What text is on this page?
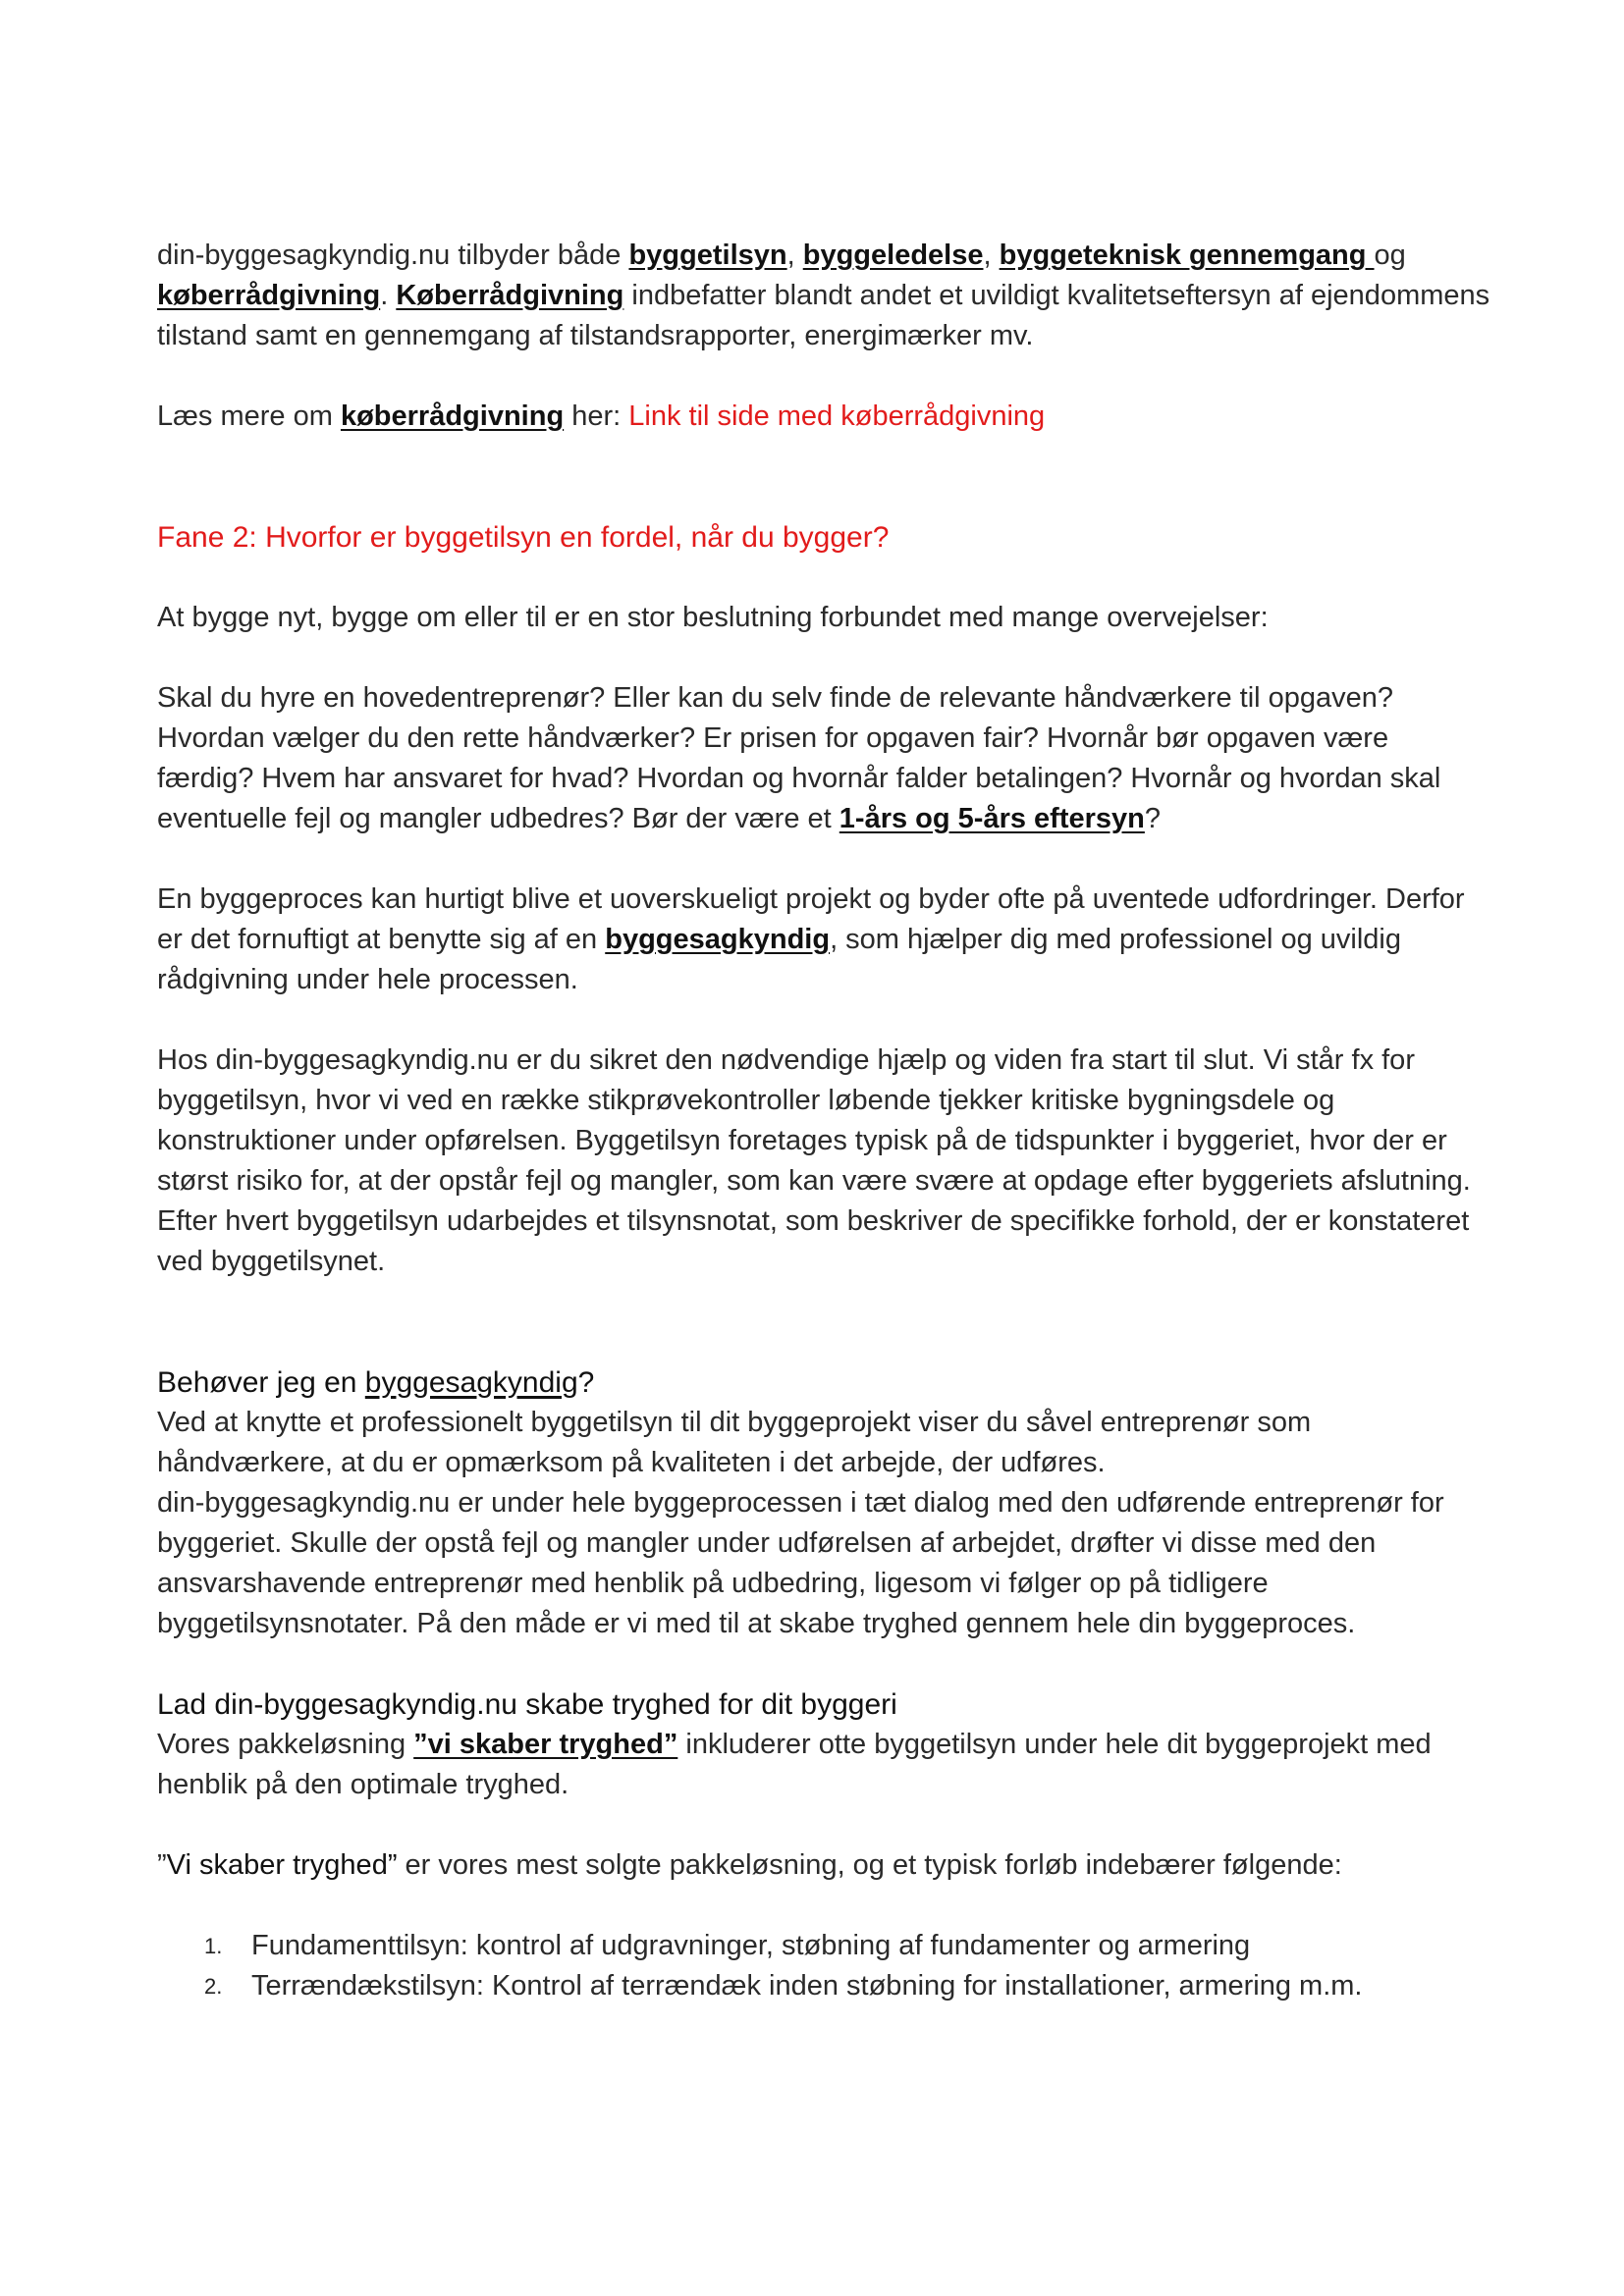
din-byggesagkyndig.nu tilbyder både byggetilsyn, byggeledelse, byggeteknisk gennemgang og køberrådgivning. Køberrådgivning indbefatter blandt andet et uvildigt kvalitetseftersyn af ejendommens tilstand samt en gennemgang af tilstandsrapporter, energimærker mv.

Læs mere om køberrådgivning her: Link til side med køberrådgivning

Fane 2: Hvorfor er byggetilsyn en fordel, når du bygger?

At bygge nyt, bygge om eller til er en stor beslutning forbundet med mange overvejelser:

Skal du hyre en hovedentreprenør? Eller kan du selv finde de relevante håndværkere til opgaven? Hvordan vælger du den rette håndværker? Er prisen for opgaven fair? Hvornår bør opgaven være færdig? Hvem har ansvaret for hvad? Hvordan og hvornår falder betalingen? Hvornår og hvordan skal eventuelle fejl og mangler udbedres? Bør der være et 1-års og 5-års eftersyn?

En byggeproces kan hurtigt blive et uoverskueligt projekt og byder ofte på uventede udfordringer. Derfor er det fornuftigt at benytte sig af en byggesagkyndig, som hjælper dig med professionel og uvildig rådgivning under hele processen.

Hos din-byggesagkyndig.nu er du sikret den nødvendige hjælp og viden fra start til slut. Vi står fx for byggetilsyn, hvor vi ved en række stikprøvekontroller løbende tjekker kritiske bygningsdele og konstruktioner under opførelsen. Byggetilsyn foretages typisk på de tidspunkter i byggeriet, hvor der er størst risiko for, at der opstår fejl og mangler, som kan være svære at opdage efter byggeriets afslutning.

Efter hvert byggetilsyn udarbejdes et tilsynsnotat, som beskriver de specifikke forhold, der er konstateret ved byggetilsynet.

Behøver jeg en byggesagkyndig?

Ved at knytte et professionelt byggetilsyn til dit byggeprojekt viser du såvel entreprenør som håndværkere, at du er opmærksom på kvaliteten i det arbejde, der udføres.

din-byggesagkyndig.nu er under hele byggeprocessen i tæt dialog med den udførende entreprenør for byggeriet. Skulle der opstå fejl og mangler under udførelsen af arbejdet, drøfter vi disse med den ansvarshavende entreprenør med henblik på udbedring, ligesom vi følger op på tidligere byggetilsynsnotater. På den måde er vi med til at skabe tryghed gennem hele din byggeproces.

Lad din-byggesagkyndig.nu skabe tryghed for dit byggeri

Vores pakkeløsning ”vi skaber tryghed” inkluderer otte byggetilsyn under hele dit byggeprojekt med henblik på den optimale tryghed.

”Vi skaber tryghed” er vores mest solgte pakkeløsning, og et typisk forløb indebærer følgende:

1. Fundamenttilsyn: kontrol af udgravninger, støbning af fundamenter og armering
2. Terrændækstilsyn: Kontrol af terrændæk inden støbning for installationer, armering m.m.
